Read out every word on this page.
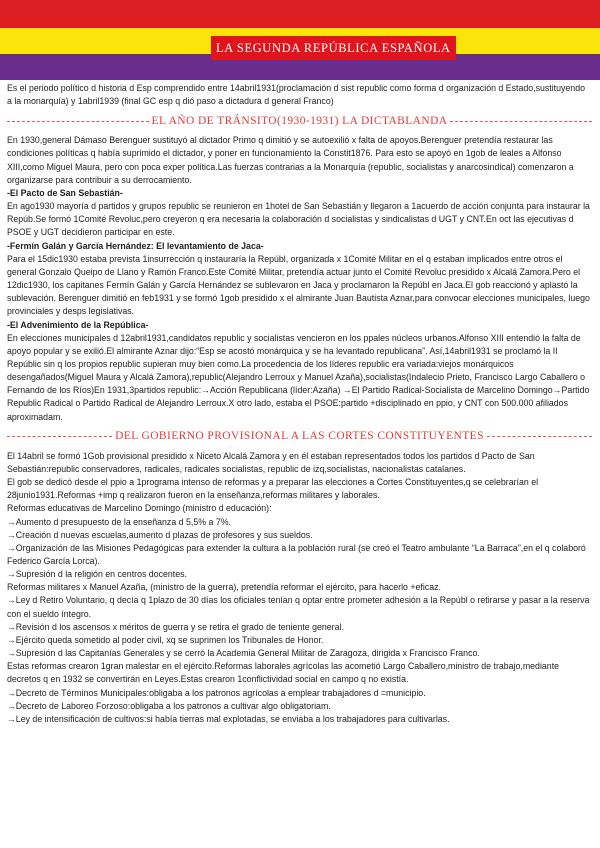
LA SEGUNDA REPÚBLICA ESPAÑOLA

Es el periodo político d historia d Esp comprendido entre 14abril1931(proclamación d sist republic como forma d organización d Estado,sustituyendo a la monarquía) y 1abril1939 (final GC esp q dió paso a dictadura d general Franco)

EL AÑO DE TRÁNSITO(1930-1931) LA DICTABLANDA

En 1930,general Dámaso Berenguer sustituyó al dictador Primo q dimitió y se autoexilió x falta de apoyos.Berenguer pretendía restaurar las condiciones políticas q había suprimido el dictador, y poner en funcionamiento la Constit1876. Para esto se apoyó en 1gob de leales a Alfonso XIII,como Miguel Maura, pero con poca exper política.Las fuerzas contrarias a la Monarquía (republic, socialistas y anarcosindical) comenzaron a organizarse para contribuir a su derrocamiento.

-El Pacto de San Sebastián-

En ago1930 mayoría d partidos y grupos republic se reunieron en 1hotel de San Sebastián y llegaron a 1acuerdo de acción conjunta para instaurar la Repúb.Se formó 1Comité Revoluc,pero creyeron q era necesaria la colaboración d socialistas y sindicalistas d UGT y CNT.En oct las ejecutivas d PSOE y UGT decidieron participar en este.

-Fermín Galán y García Hernández: El levantamiento de Jaca-

Para el 15dic1930 estaba prevista 1insurrección q instauraría la Repúbl, organizada x 1Comité Militar en el q estaban implicados entre otros el general Gonzalo Queipo de Llano y Ramón Franco.Este Comité Militar, pretendía actuar junto el Comité Revoluc presidido x Alcalá Zamora.Pero el 12dic1930, los capitanes Fermín Galán y García Hernández se sublevaron en Jaca y proclamaron la Repúbl en Jaca.El gob reaccionó y aplastó la sublevación. Berenguer dimitió en feb1931 y se formó 1gob presidido x el almirante Juan Bautista Aznar,para convocar elecciones municipales, luego provinciales y desps legislativas.

-El Advenimiento de la República-

En elecciones municipales d 12abril1931,candidatos republic y socialistas vencieron en los ppales núcleos urbanos.Alfonso XIII entendió la falta de apoyo popular y se exilió.El almirante Aznar dijo:“Esp se acostó monárquica y se ha levantado republicana”. Así,14abril1931 se proclamó la II Repúblic sin q los propios republic supieran muy bien como.La procedencia de los líderes republic era variada:viejos monárquicos desengañados(Miguel Maura y Alcalá Zamora),republic(Alejandro Lerroux y Manuel Azaña),socialistas(Indalecio Prieto, Francisco Largo Caballero o Fernando de los Ríos)En 1931,3partidos republic:→Acción Republicana (líder:Azaña) →El Partido Radical-Socialista de Marcelino Domingo→Partido Republic Radical o Partido Radical de Alejandro Lerroux.X otro lado, estaba el PSOE:partido +disciplinado en ppio, y CNT con 500.000 afiliados aproximadam.

DEL GOBIERNO PROVISIONAL A LAS CORTES CONSTITUYENTES

El 14abril se formó 1Gob provisional presidido x Niceto Alcalá Zamora y en él estaban representados todos los partidos d Pacto de San Sebastián:republic conservadores, radicales, radicales socialistas, republic de izq,socialistas, nacionalistas catalanes.

El gob se dedicó desde el ppio a 1programa intenso de reformas y a preparar las elecciones a Cortes Constituyentes,q se celebrarían el 28junio1931.Reformas +imp q realizaron fueron en la enseñanza,reformas militares y laborales.

Reformas educativas de Marcelino Domingo (ministro d educación):

→Aumento d presupuesto de la enseñanza d 5,5% a 7%.

→Creación d nuevas escuelas,aumento d plazas de profesores y sus sueldos.

→Organización de las Misiones Pedagógicas para extender la cultura a la población rural (se creó el Teatro ambulante “La Barraca”,en el q colaboró Federico García Lorca).

→Supresión d la religión en centros docentes.

Reformas militares x Manuel Azaña, (ministro de la guerra), pretendía reformar el ejército, para hacerlo +eficaz.

→Ley d Retiro Voluntario, q decía q 1plazo de 30 días los oficiales tenían q optar entre prometer adhesión a la Repúbl o retirarse y pasar a la reserva con el sueldo íntegro.

→Revisión d los ascensos x méritos de guerra y se retira el grado de teniente general.

→Ejército queda sometido al poder civil, xq se suprimen los Tribunales de Honor.

→Supresión d las Capitanías Generales y se cerró la Academia General Militar de Zaragoza, dirigida x Francisco Franco.

Estas reformas crearon 1gran malestar en el ejército.Reformas laborales agrícolas las acometió Largo Caballero,ministro de trabajo,mediante decretos q en 1932 se convertirán en Leyes.Estas crearon 1conflictividad social en campo q no existía.

→Decreto de Términos Municipales:obligaba a los patronos agrícolas a emplear trabajadores d =municipio.

→Decreto de Laboreo Forzoso:obligaba a los patronos a cultivar algo obligatoriam.

→Ley de intensificación de cultivos:si había tierras mal explotadas, se enviaba a los trabajadores para cultivarlas.
